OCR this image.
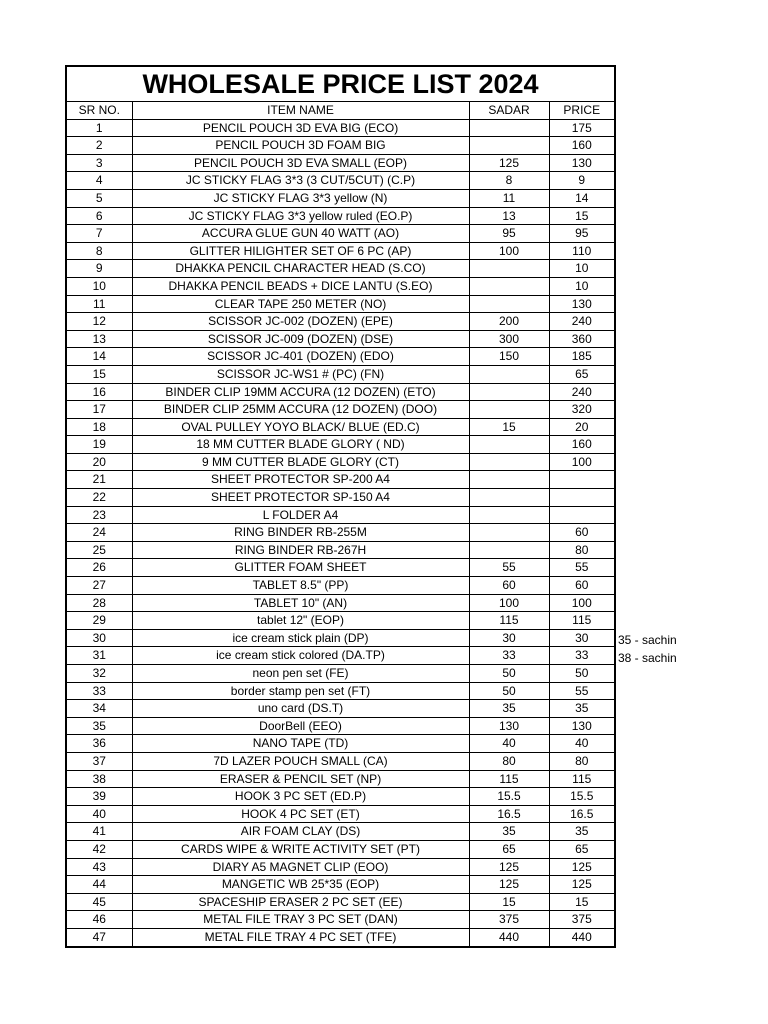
WHOLESALE PRICE LIST 2024			
SR NO.	ITEM NAME	SADAR	PRICE
1	PENCIL POUCH 3D EVA BIG (ECO)		175
2	PENCIL POUCH 3D FOAM BIG		160
3	PENCIL POUCH 3D EVA SMALL (EOP)	125	130
4	JC STICKY FLAG 3*3 (3 CUT/5CUT) (C.P)	8	9
5	JC STICKY FLAG 3*3 yellow (N)	11	14
6	JC STICKY FLAG 3*3 yellow ruled (EO.P)	13	15
7	ACCURA GLUE GUN 40 WATT (AO)	95	95
8	GLITTER HILIGHTER SET OF 6 PC (AP)	100	110
9	DHAKKA PENCIL CHARACTER HEAD (S.CO)		10
10	DHAKKA PENCIL BEADS + DICE LANTU (S.EO)		10
11	CLEAR TAPE 250 METER (NO)		130
12	SCISSOR JC-002 (DOZEN) (EPE)	200	240
13	SCISSOR JC-009 (DOZEN) (DSE)	300	360
14	SCISSOR JC-401 (DOZEN) (EDO)	150	185
15	SCISSOR JC-WS1 # (PC) (FN)		65
16	BINDER CLIP 19MM ACCURA (12 DOZEN) (ETO)		240
17	BINDER CLIP 25MM ACCURA (12 DOZEN) (DOO)		320
18	OVAL PULLEY YOYO BLACK/ BLUE (ED.C)	15	20
19	18 MM CUTTER BLADE GLORY ( ND)		160
20	9 MM CUTTER BLADE GLORY (CT)		100
21	SHEET PROTECTOR SP-200 A4		
22	SHEET PROTECTOR SP-150 A4		
23	L FOLDER A4		
24	RING BINDER RB-255M		60
25	RING BINDER RB-267H		80
26	GLITTER FOAM SHEET	55	55
27	TABLET 8.5" (PP)	60	60
28	TABLET 10" (AN)	100	100
29	tablet 12" (EOP)	115	115
30	ice cream stick plain (DP)	30	30
31	ice cream stick colored (DA.TP)	33	33
32	neon pen set (FE)	50	50
33	border stamp pen set (FT)	50	55
34	uno card (DS.T)	35	35
35	DoorBell (EEO)	130	130
36	NANO TAPE (TD)	40	40
37	7D LAZER POUCH SMALL (CA)	80	80
38	ERASER & PENCIL SET (NP)	115	115
39	HOOK 3 PC SET (ED.P)	15.5	15.5
40	HOOK 4 PC SET (ET)	16.5	16.5
41	AIR FOAM CLAY (DS)	35	35
42	CARDS WIPE & WRITE ACTIVITY SET (PT)	65	65
43	DIARY A5 MAGNET CLIP (EOO)	125	125
44	MANGETIC WB 25*35 (EOP)	125	125
45	SPACESHIP ERASER 2 PC SET (EE)	15	15
46	METAL FILE TRAY 3 PC SET (DAN)	375	375
47	METAL FILE TRAY 4 PC SET (TFE)	440	440
35 - sachin
38 - sachin
